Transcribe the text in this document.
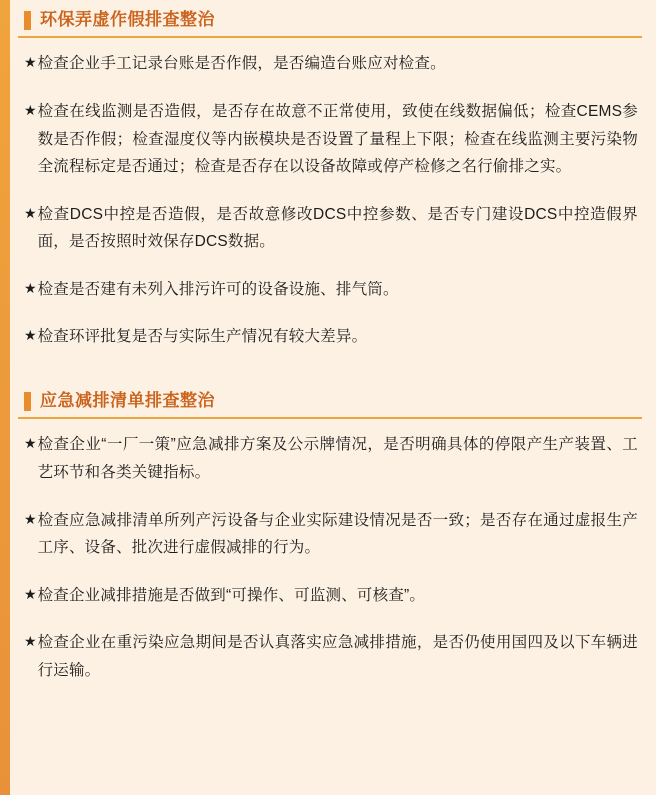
环保弄虚作假排查整治
★ 检查企业手工记录台账是否作假，是否编造台账应对检查。
★ 检查在线监测是否造假，是否存在故意不正常使用，致使在线数据偏低；检查CEMS参数是否作假；检查湿度仪等内嵌模块是否设置了量程上下限；检查在线监测主要污染物全流程标定是否通过；检查是否存在以设备故障或停产检修之名行偷排之实。
★ 检查DCS中控是否造假，是否故意修改DCS中控参数、是否专门建设DCS中控造假界面，是否按照时效保存DCS数据。
★ 检查是否建有未列入排污许可的设备设施、排气筒。
★ 检查环评批复是否与实际生产情况有较大差异。
应急减排清单排查整治
★ 检查企业“一厂一策”应急减排方案及公示牌情况，是否明确具体的停限产生产装置、工艺环节和各类关键指标。
★ 检查应急减排清单所列产污设备与企业实际建设情况是否一致；是否存在通过虚报生产工序、设备、批次进行虚假减排的行为。
★ 检查企业减排措施是否做到“可操作、可监测、可核查”。
★ 检查企业在重污染应急期间是否认真落实应急减排措施，是否仍使用国四及以下车辆进行运输。
